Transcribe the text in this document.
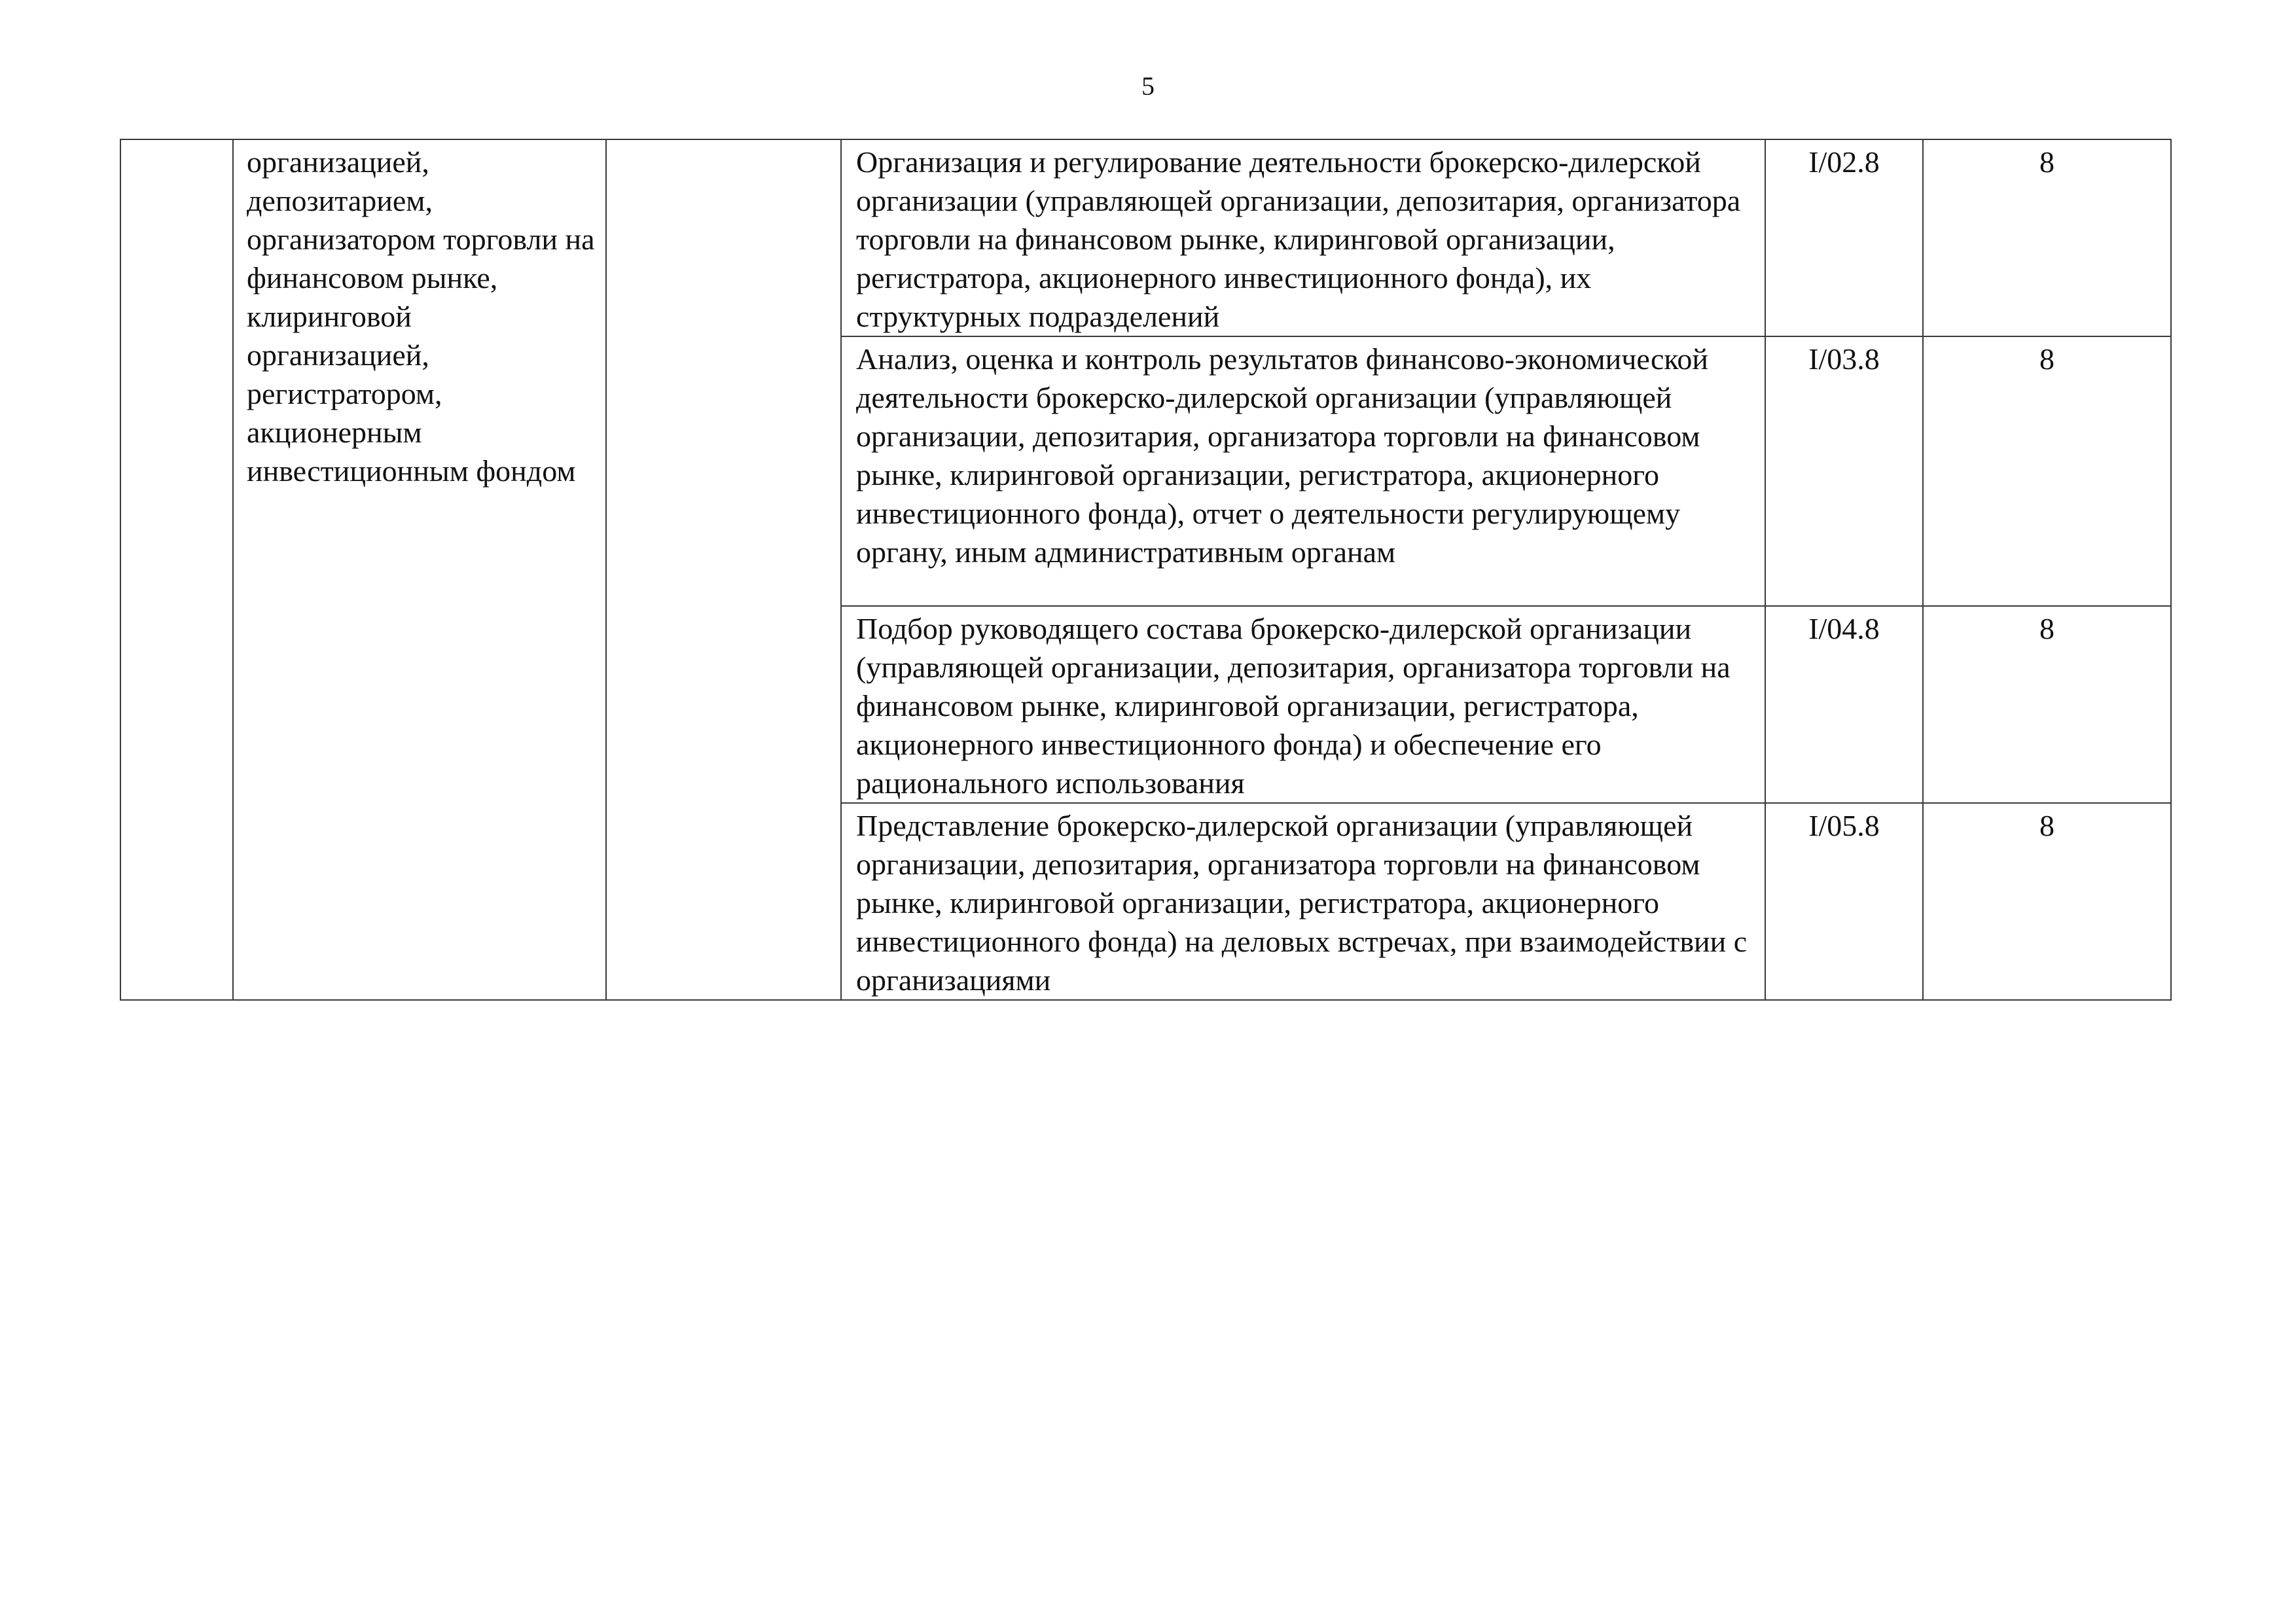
5
	организацией, депозитарием, организатором торговли на финансовом рынке, клиринговой организацией, регистратором, акционерным инвестиционным фондом		Организация и регулирование деятельности брокерско-дилерской организации (управляющей организации, депозитария, организатора торговли на финансовом рынке, клиринговой организации, регистратора, акционерного инвестиционного фонда), их структурных подразделений	I/02.8	8
			Анализ, оценка и контроль результатов финансово-экономической деятельности брокерско-дилерской организации (управляющей организации, депозитария, организатора торговли на финансовом рынке, клиринговой организации, регистратора, акционерного инвестиционного фонда), отчет о деятельности регулирующему органу, иным административным органам	I/03.8	8
			Подбор руководящего состава брокерско-дилерской организации (управляющей организации, депозитария, организатора торговли на финансовом рынке, клиринговой организации, регистратора, акционерного инвестиционного фонда) и обеспечение его рационального использования	I/04.8	8
			Представление брокерско-дилерской организации (управляющей организации, депозитария, организатора торговли на финансовом рынке, клиринговой организации, регистратора, акционерного инвестиционного фонда) на деловых встречах, при взаимодействии с организациями	I/05.8	8
